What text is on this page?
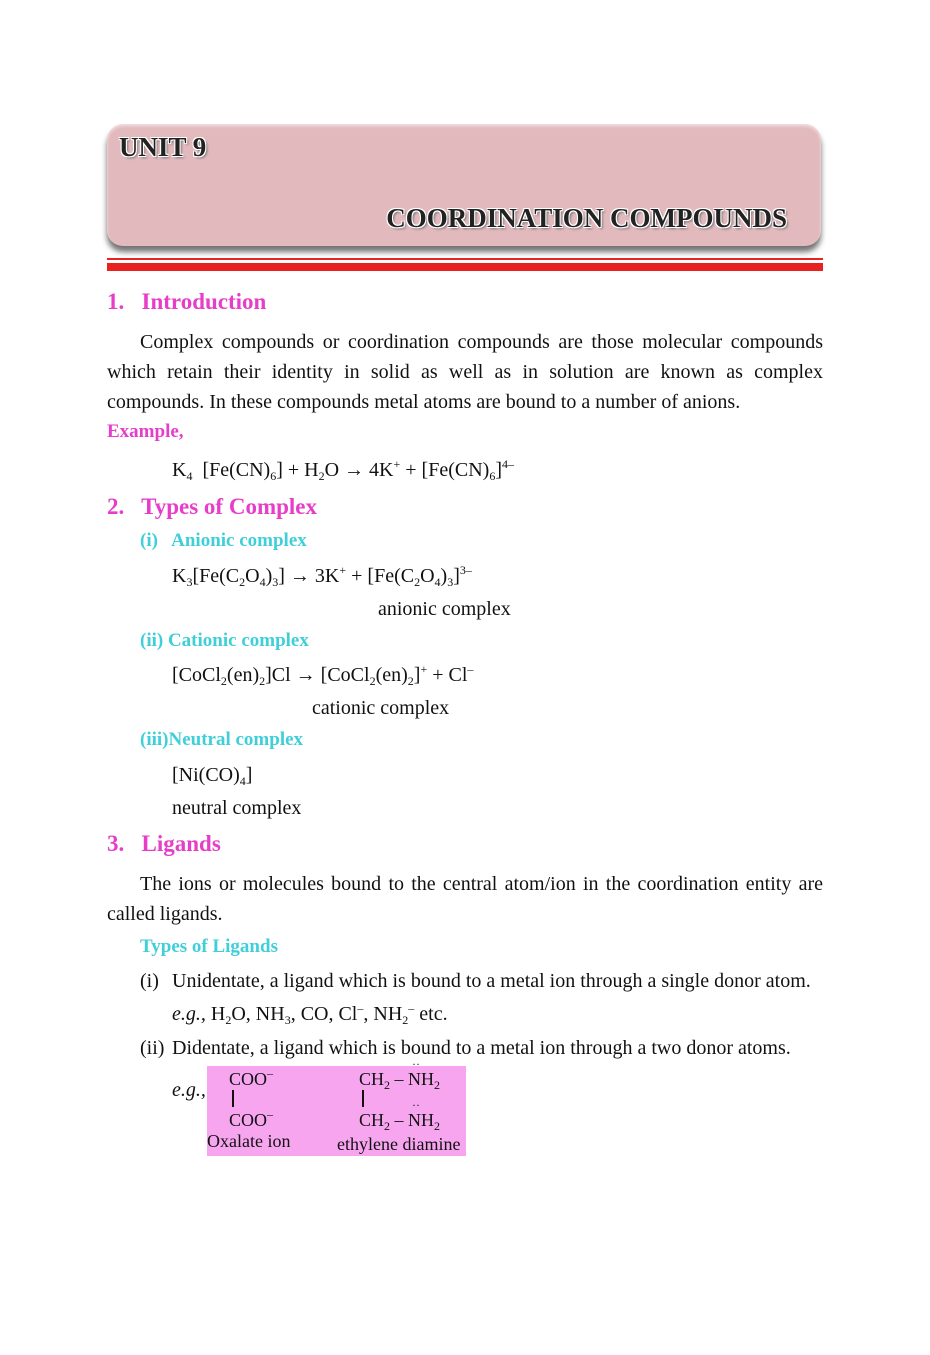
UNIT 9
COORDINATION COMPOUNDS
1.   Introduction
Complex compounds or coordination compounds are those molecular compounds which retain their identity in solid as well as in solution are known as complex compounds. In these compounds metal atoms are bound to a number of anions.
Example,
$K_4$  $[Fe(CN)_6] + H_2O \to 4K^+ + [Fe(CN)_6]^{4-}$
2.   Types of Complex
(i)   Anionic complex
$K_3[Fe(C_2O_4)_3] \to 3K^+ + [Fe(C_2O_4)_3]^{3-}$
anionic complex
(ii) Cationic complex
$[CoCl_2(en)_2]Cl$ → $[CoCl_2(en)_2]^+ + Cl^-$
cationic complex
(iii)Neutral complex
$[Ni(CO)_4]$
neutral complex
3.   Ligands
The ions or molecules bound to the central atom/ion in the coordination entity are called ligands.
Types of Ligands
(i) Unidentate, a ligand which is bound to a metal ion through a single donor atom.
e.g., $H_2O$, $NH_3$, CO, Cl–, $NH_2^-$ etc.
(ii) Didentate, a ligand which is bound to a metal ion through a two donor atoms.
e.g., COO–
COO–
Oxalate ion
$CH_2$ – N
··
$H_2$
$CH_2$ – N
··
$H_2$
ethylene diamine
